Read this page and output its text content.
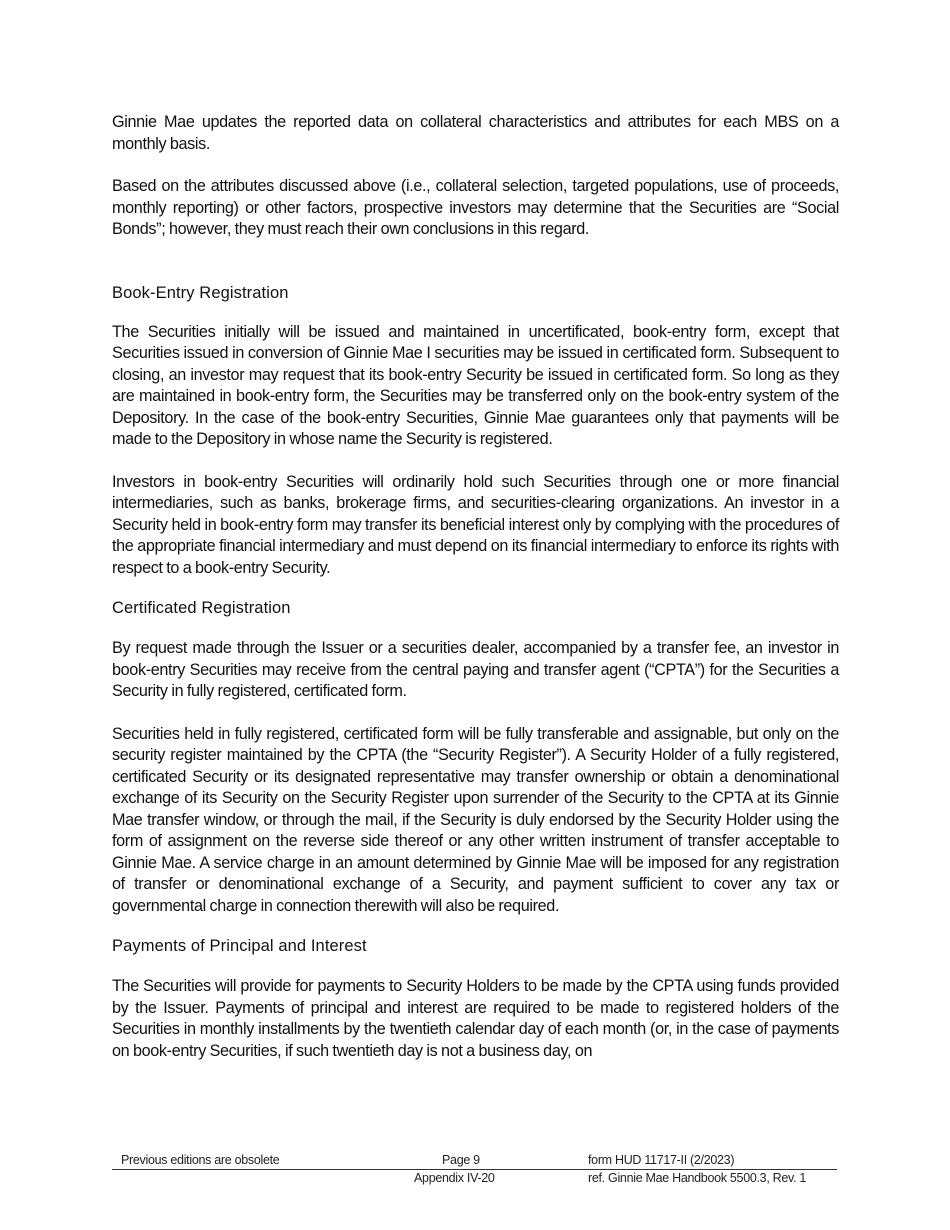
Ginnie Mae updates the reported data on collateral characteristics and attributes for each MBS on a monthly basis.

Based on the attributes discussed above (i.e., collateral selection, targeted populations, use of proceeds, monthly reporting) or other factors, prospective investors may determine that the Securities are “Social Bonds”; however, they must reach their own conclusions in this regard.

Book-Entry Registration

The Securities initially will be issued and maintained in uncertificated, book-entry form, except that Securities issued in conversion of Ginnie Mae I securities may be issued in certificated form. Subsequent to closing, an investor may request that its book-entry Security be issued in certificated form. So long as they are maintained in book-entry form, the Securities may be transferred only on the book-entry system of the Depository. In the case of the book-entry Securities, Ginnie Mae guarantees only that payments will be made to the Depository in whose name the Security is registered.

Investors in book-entry Securities will ordinarily hold such Securities through one or more financial intermediaries, such as banks, brokerage firms, and securities-clearing organizations. An investor in a Security held in book-entry form may transfer its beneficial interest only by complying with the procedures of the appropriate financial intermediary and must depend on its financial intermediary to enforce its rights with respect to a book-entry Security.

Certificated Registration

By request made through the Issuer or a securities dealer, accompanied by a transfer fee, an investor in book-entry Securities may receive from the central paying and transfer agent (“CPTA”) for the Securities a Security in fully registered, certificated form.

Securities held in fully registered, certificated form will be fully transferable and assignable, but only on the security register maintained by the CPTA (the “Security Register”). A Security Holder of a fully registered, certificated Security or its designated representative may transfer ownership or obtain a denominational exchange of its Security on the Security Register upon surrender of the Security to the CPTA at its Ginnie Mae transfer window, or through the mail, if the Security is duly endorsed by the Security Holder using the form of assignment on the reverse side thereof or any other written instrument of transfer acceptable to Ginnie Mae. A service charge in an amount determined by Ginnie Mae will be imposed for any registration of transfer or denominational exchange of a Security, and payment sufficient to cover any tax or governmental charge in connection therewith will also be required.

Payments of Principal and Interest

The Securities will provide for payments to Security Holders to be made by the CPTA using funds provided by the Issuer. Payments of principal and interest are required to be made to registered holders of the Securities in monthly installments by the twentieth calendar day of each month (or, in the case of payments on book-entry Securities, if such twentieth day is not a business day, on

Previous editions are obsolete	Page 9	form HUD 11717-II (2/2023)
Appendix IV-20	ref. Ginnie Mae Handbook 5500.3, Rev. 1
